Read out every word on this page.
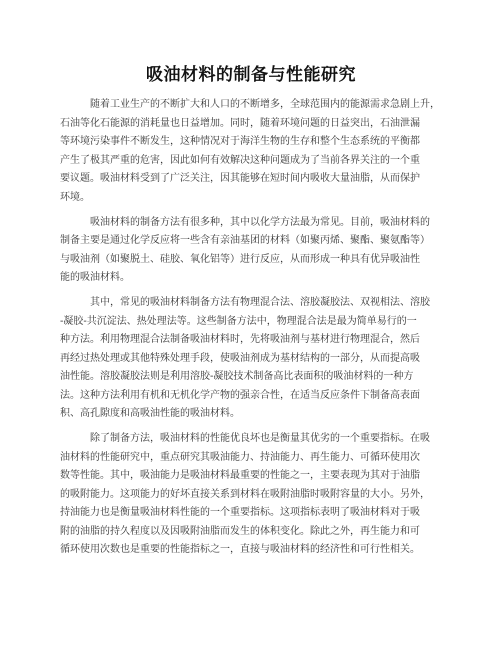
吸油材料的制备与性能研究
随着工业生产的不断扩大和人口的不断增多，全球范围内的能源需求急剧上升，
石油等化石能源的消耗量也日益增加。同时，随着环境问题的日益突出，石油泄漏
等环境污染事件不断发生，这种情况对于海洋生物的生存和整个生态系统的平衡都
产生了极其严重的危害，因此如何有效解决这种问题成为了当前各界关注的一个重
要议题。吸油材料受到了广泛关注，因其能够在短时间内吸收大量油脂，从而保护
环境。
吸油材料的制备方法有很多种，其中以化学方法最为常见。目前，吸油材料的
制备主要是通过化学反应将一些含有亲油基团的材料（如聚丙烯、聚酯、聚氨酯等）
与吸油剂（如聚脱土、硅胶、氧化铝等）进行反应，从而形成一种具有优异吸油性
能的吸油材料。
其中，常见的吸油材料制备方法有物理混合法、溶胶凝胶法、双视相法、溶胶
-凝胶-共沉淀法、热处理法等。这些制备方法中，物理混合法是最为简单易行的一
种方法。利用物理混合法制备吸油材料时，先将吸油剂与基材进行物理混合，然后
再经过热处理或其他特殊处理手段，使吸油剂成为基材结构的一部分，从而提高吸
油性能。溶胶凝胶法则是利用溶胶-凝胶技术制备高比表面积的吸油材料的一种方
法。这种方法利用有机和无机化学产物的强亲合性，在适当反应条件下制备高表面
积、高孔隙度和高吸油性能的吸油材料。
除了制备方法，吸油材料的性能优良坏也是衡量其优劣的一个重要指标。在吸
油材料的性能研究中，重点研究其吸油能力、持油能力、再生能力、可循环使用次
数等性能。其中，吸油能力是吸油材料最重要的性能之一，主要表现为其对于油脂
的吸附能力。这项能力的好坏直接关系到材料在吸附油脂时吸附容量的大小。另外，
持油能力也是衡量吸油材料性能的一个重要指标。这项指标表明了吸油材料对于吸
附的油脂的持久程度以及因吸附油脂而发生的体积变化。除此之外，再生能力和可
循环使用次数也是重要的性能指标之一，直接与吸油材料的经济性和可行性相关。
